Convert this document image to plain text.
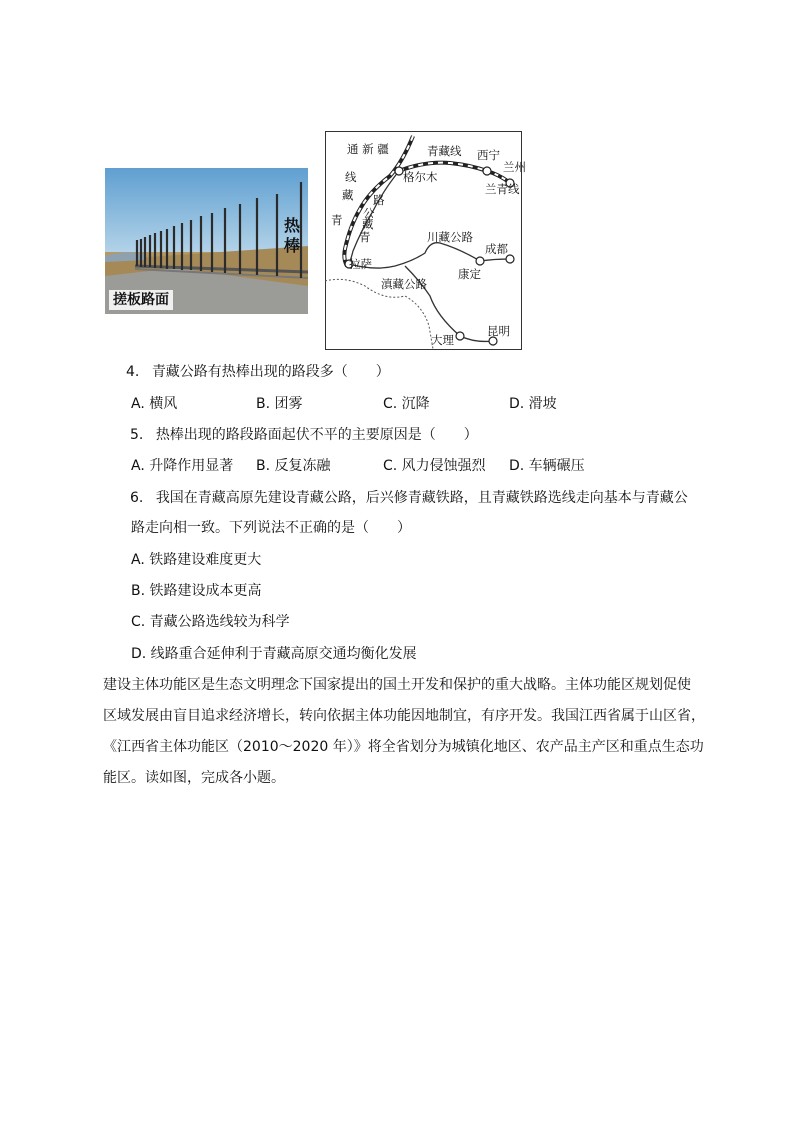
热棒
搓板路面
通 新 疆	青藏线 西宁
兰州
兰青线
格尔木
线
藏 路
青 公
藏
青	川藏公路
成都
拉萨
康定
滇藏公路
大理
昆明
4. 青藏公路有热棒出现的路段多（　　）
A. 横风	B. 团雾	C. 沉降	D. 滑坡
5. 热棒出现的路段路面起伏不平的主要原因是（　　）
A. 升降作用显著 B. 反复冻融	C. 风力侵蚀强烈 D. 车辆碾压
6. 我国在青藏高原先建设青藏公路，后兴修青藏铁路，且青藏铁路选线走向基本与青藏公
路走向相一致。下列说法不正确的是（　　）
A. 铁路建设难度更大
B. 铁路建设成本更高
C. 青藏公路选线较为科学
D. 线路重合延伸利于青藏高原交通均衡化发展
建设主体功能区是生态文明理念下国家提出的国土开发和保护的重大战略。主体功能区规划促使
区域发展由盲目追求经济增长，转向依据主体功能因地制宜，有序开发。我国江西省属于山区省，
《江西省主体功能区（2010～2020 年）》将全省划分为城镇化地区、农产品主产区和重点生态功
能区。读如图，完成各小题。
